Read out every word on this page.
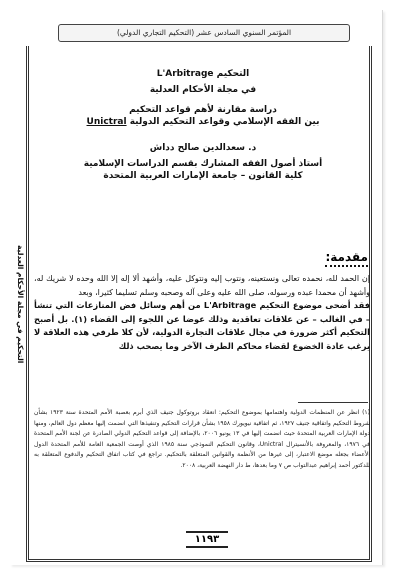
المؤتمر السنوي السادس عشر (التحكيم التجاري الدولي)
التحكيم في مجلة الأحكام العدلية
التحكيم L'Arbitrage
في مجلة الأحكام العدلية
دراسة مقارنة لأهم قواعد التحكيم
بين الفقه الإسلامي وقواعد التحكيم الدولية Unictral
د. سعدالدين صالح دداش
أستاذ أصول الفقه المشارك بقسم الدراسات الإسلامية
كلية القانون – جامعة الإمارات العربية المتحدة
مقدمة:
إن الحمد لله، نحمده تعالى ونستعينه، ونتوب إليه ونتوكل عليه، وأشهد ألا إله إلا الله وحده لا شريك له، وأشهد أن محمدا عبده ورسوله، صلى الله عليه وعلى آله وصحبه وسلم تسليما كثيرا، وبعد
فقد أضحى موضوع التحكيم L'Arbitrage من أهم وسائل فض المنازعات التي تنشأ – في الغالب – عن علاقات تعاقدية وذلك عوضا عن اللجوء إلى القضاء (١). بل أصبح التحكيم أكثر ضرورة في مجال علاقات التجارة الدولية، لأن كلا طرفي هذه العلاقة لا يرغب عادة الخضوع لقضاء محاكم الطرف الآخر وما يصحب ذلك
(١) انظر عن المنظمات الدولية واهتمامها بموضوع التحكيم: انعقاد بروتوكول جنيف الذي أبرم بعصبة الأمم المتحدة سنة ١٩٢٣ بشأن شروط التحكيم واتفاقية جنيف ١٩٢٧، ثم اتفاقية نيويورك ١٩٥٨ بشأن قرارات التحكيم وتنفيذها التي انضمت إليها معظم دول العالم، ومنها دولة الإمارات العربية المتحدة حيث انضمت إليها في ١٣ يونيو ٢٠٠٦، بالإضافة إلى قواعد التحكيم الدولي الصادرة عن لجنة الأمم المتحدة في ١٩٧٦، والمعروفة بالأنسيترال Unictral، وقانون التحكيم النموذجي سنة ١٩٨٥ الذي أوصت الجمعية العامة للأمم المتحدة الدول الأعضاء بجعله موضع الاعتبار، إلى غيرها من الأنظمة والقوانين المتعلقة بالتحكيم. تراجع في كتاب اتفاق التحكيم والدفوع المتعلقة به للدكتور أحمد إبراهيم عبدالتواب ص ٧ وما بعدها، ط دار النهضة العربية، ٢٠٠٨.
١١٩٣
